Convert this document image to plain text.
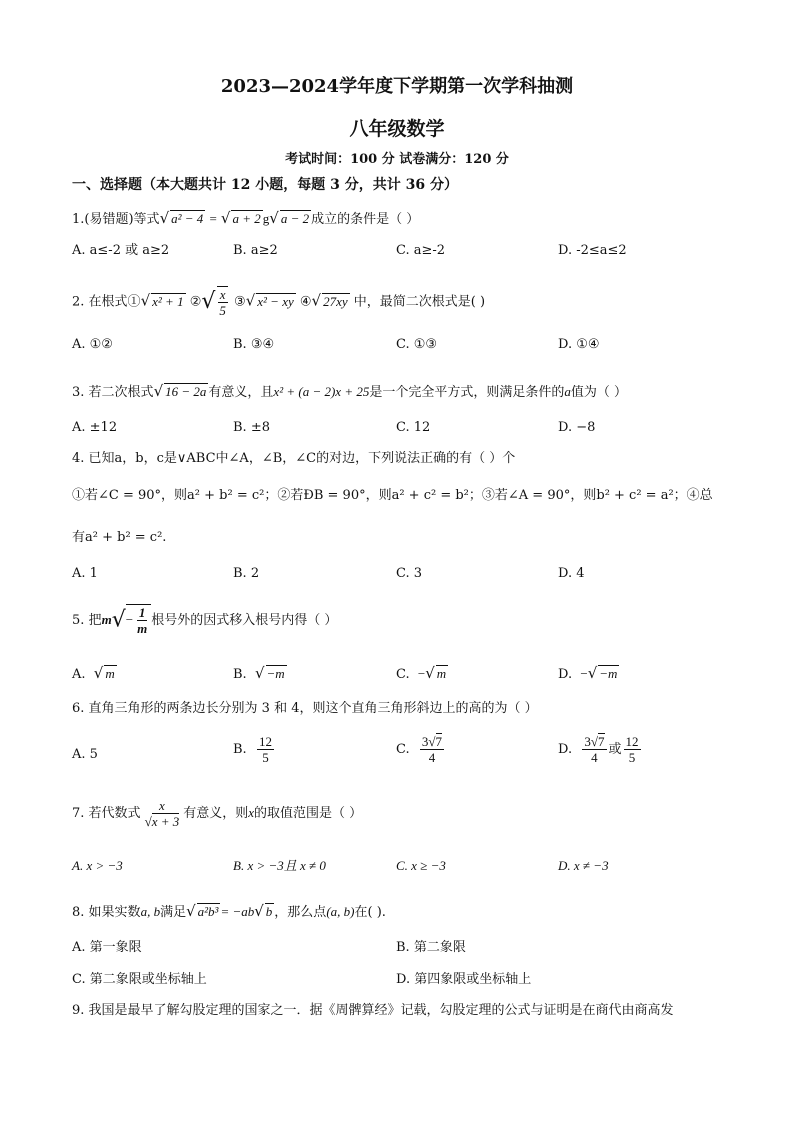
2023—2024学年度下学期第一次学科抽测
八年级数学
考试时间：100 分 试卷满分：120 分
一、选择题（本大题共计 12 小题，每题 3 分，共计 36 分）
1.(易错题)等式√ a² − 4 = √ a + 2 g√ a − 2 成立的条件是（ ）
A. a≤-2 或 a≥2	B. a≥2	C. a≥-2	D. -2≤a≤2
2. 在根式①√ x² + 1 ②√ $\frac{x}{5}$ ③√ x² − xy ④√ 27xy 中，最简二次根式是( )
A. ①②	B. ③④	C. ①③	D. ①④
3. 若二次根式√ 16 − 2a 有意义，且x² + (a − 2)x + 25是一个完全平方式，则满足条件的a值为（ ）
A. ±12	B. ±8	C. 12	D. −8
4. 已知a，b，c是∨ABC中∠A，∠B，∠C的对边，下列说法正确的有（ ）个
①若∠C = 90°，则a² + b² = c²；②若ÐB = 90°，则a² + c² = b²；③若∠A = 90°，则b² + c² = a²；④总
有a² + b² = c².
A. 1	B. 2	C. 3	D. 4
5. 把$m√- \frac{1}{m}$ 根号外的因式移入根号内得（ ）
A. √ m	B. √ −m	C. −√ m	D. −√ −m
6. 直角三角形的两条边长分别为 3 和 4，则这个直角三角形斜边上的高的为（ ）
A. 5	B. $\frac{12}{5}$	C. $\frac{3√7}{4}$	D. $\frac{3√7}{4}$ 或 $\frac{12}{5}$
7. 若代数式 $\frac{x}{√x + 3}$ 有意义，则x的取值范围是（ ）
A. x > −3	B. x > −3且 x ≠ 0	C. x ≥ −3	D. x ≠ −3
8. 如果实数a, b满足√ a²b³ = −ab√ b ，那么点(a, b)在( ).
A. 第一象限	B. 第二象限
C. 第二象限或坐标轴上	D. 第四象限或坐标轴上
9. 我国是最早了解勾股定理的国家之一．据《周髀算经》记载，勾股定理的公式与证明是在商代由商高发
